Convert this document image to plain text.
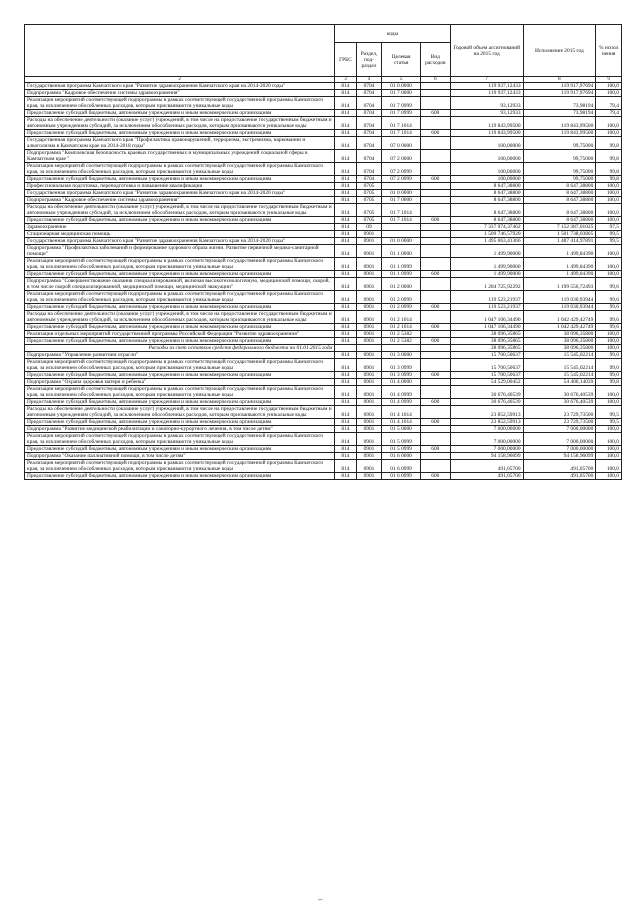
	коды				Годовой объем ассигнований на 2015 год	Исполнение 2015 год	% испол нения
	ГРБС	Раздел, под-раздел	Целевая статья	Вид расходов			
2	3	4	5	6	7	8	9
Государственная программа Камчатского края "Развитие здравоохранения Камчатского края на 2014-2020 годы"	814	0704	01 0 0000		119 937,12433	119 917,97694	100,0
Подпрограмма "Кадровое обеспечение системы здравоохранения"	814	0704	01 7 0000		119 937,12433	119 917,97694	100,0
Реализация мероприятий соответствующей подпрограммы в рамках соответствующей государственной программы Камчатского края, за исключением обособленных расходов, которым присваиваются уникальные коды	814	0704	01 7 0999		93,12933	73,98194	79,4
Предоставление субсидий бюджетным, автономным учреждениям и иным некоммерческим организациям	814	0704	01 7 0999	600	93,12933	73,98194	79,4
Расходы на обеспечение деятельности (оказание услуг) учреждений, в том числе на предоставление государственным бюджетным и автономным учреждениям субсидий, за исключением обособленных расходов, которым присваиваются уникальные коды	814	0704	01 7 1014		119 843,99500	119 843,99500	100,0
Предоставление субсидий бюджетным, автономным учреждениям и иным некоммерческим организациям	814	0704	01 7 1014	600	119 843,99500	119 843,99500	100,0
Государственная программа Камчатского края "Профилактика правонарушений, терроризма, экстремизма, наркомании и алкоголизма в Камчатском крае на 2014-2018 годы"	814	0704	07 0 0000		100,00000	99,75000	99,8
Подпрограмма "Комплексная безопасность краевых государственных и муниципальных учреждений социальной сферы в Камчатском крае "	814	0704	07 2 0000		100,00000	99,75000	99,8
Реализация мероприятий соответствующей подпрограммы в рамках соответствующей государственной программы Камчатского края, за исключением обособленных расходов, которым присваиваются уникальные коды	814	0704	07 2 0999		100,00000	99,75000	99,8
Предоставление субсидий бюджетным, автономным учреждениям и иным некоммерческим организациям	814	0704	07 2 0999	600	100,00000	99,75000	99,8
Профессиональная подготовка, переподготовка и повышение квалификации	814	0705			8 647,38800	8 647,38800	100,0
Государственная программа Камчатского края "Развитие здравоохранения Камчатского края на 2014-2020 годы"	814	0705	01 0 0000		8 647,38800	8 647,38800	100,0
Подпрограмма "Кадровое обеспечение системы здравоохранения"	814	0705	01 7 0000		8 647,38800	8 647,38800	100,0
Расходы на обеспечение деятельности (оказание услуг) учреждений, в том числе на предоставление государственным бюджетным и автономным учреждениям субсидий, за исключением обособленных расходов, которым присваиваются уникальные коды	814	0705	01 7 1014		8 647,38800	8 647,38800	100,0
Предоставление субсидий бюджетным, автономным учреждениям и иным некоммерческим организациям	814	0705	01 7 1014	600	8 647,38800	8 647,38800	100,0
Здравоохранение	814	09			7 337 974,37462	7 152 387,01025	97,5
Стационарная медицинская помощь	814	0901			1 509 746,57920	1 501 738,03805	99,5
Государственная программа Камчатского края "Развитие здравоохранения Камчатского края на 2014-2020 годы"	814	0901	01 0 0000		1 495 063,41366	1 487 414,97891	99,5
Подпрограмма "Профилактика заболеваний и формирование здорового образа жизни. Развитие первичной медико-санитарной помощи"	814	0901	01 1 0000		1 499,90000	1 499,84390	100,0
Реализация мероприятий соответствующей подпрограммы в рамках соответствующей государственной программы Камчатского края, за исключением обособленных расходов, которым присваиваются уникальные коды	814	0901	01 1 0999		1 499,90000	1 499,84390	100,0
Предоставление субсидий бюджетным, автономным учреждениям и иным некоммерческим организациям	814	0901	01 1 0999	600	1 499,90000	1 499,84390	100,0
Подпрограмма "Совершенствование оказания специализированной, включая высокотехнологичную, медицинской помощи, скорой, в том числе скорой специализированной, медицинской помощи, медицинской эвакуации"	814	0901	01 2 0000		1 204 725,92292	1 199 556,72493	99,6
Реализация мероприятий соответствующей подпрограммы в рамках соответствующей государственной программы Камчатского края, за исключением обособленных расходов, которым присваиваются уникальные коды	814	0901	01 2 0999		119 523,21937	119 030,93944	99,6
Предоставление субсидий бюджетным, автономным учреждениям и иным некоммерческим организациям	814	0901	01 2 0999	600	119 523,21937	119 030,93944	99,6
Расходы на обеспечение деятельности (оказание услуг) учреждений, в том числе на предоставление государственным бюджетным и автономным учреждениям субсидий, за исключением обособленных расходов, которым присваиваются уникальные коды	814	0901	01 2 1014		1 047 106,34490	1 042 429,42749	99,6
Предоставление субсидий бюджетным, автономным учреждениям и иным некоммерческим организациям	814	0901	01 2 1014	600	1 047 106,34490	1 042 429,42749	99,6
Реализация отдельных мероприятий государственной программы Российской Федерации "Развитие здравоохранения"	814	0901	01 2 5382		38 096,35865	38 096,35800	100,0
Предоставление субсидий бюджетным, автономным учреждениям и иным некоммерческим организациям	814	0901	01 2 5382	600	38 096,35865	38 096,35800	100,0
Расходы за счет остатков средств федерального бюджета на 01.01.2015 года					38 096,35865	38 096,35800	100,0
Подпрограмма "Управление развитием отрасли"	814	0901	01 3 0000		15 700,50637	15 545,02214	99,0
Реализация мероприятий соответствующей подпрограммы в рамках соответствующей государственной программы Камчатского края, за исключением обособленных расходов, которым присваиваются уникальные коды	814	0901	01 3 0999		15 700,50637	15 545,02214	99,0
Предоставление субсидий бюджетным, автономным учреждениям и иным некоммерческим организациям	814	0901	01 3 0999	600	15 700,50637	15 545,02214	99,0
Подпрограмма "Охрана здоровья матери и ребенка"	814	0901	01 4 0000		54 529,00452	54 406,14039	99,8
Реализация мероприятий соответствующей подпрограммы в рамках соответствующей государственной программы Камчатского края, за исключением обособленных расходов, которым присваиваются уникальные коды	814	0901	01 4 0999		30 676,40539	30 676,40539	100,0
Предоставление субсидий бюджетным, автономным учреждениям и иным некоммерческим организациям	814	0901	01 4 0999	600	30 676,40539	30 676,40539	100,0
Расходы на обеспечение деятельности (оказание услуг) учреждений, в том числе на предоставление государственным бюджетным и автономным учреждениям субсидий, за исключением обособленных расходов, которым присваиваются уникальные коды	814	0901	01 4 1014		23 852,59913	23 729,73500	99,5
Предоставление субсидий бюджетным, автономным учреждениям и иным некоммерческим организациям	814	0901	01 4 1014	600	23 852,59913	23 729,73500	99,5
Подпрограмма "Развитие медицинской реабилитации и санаторно-курортного лечения, в том числе детям"	814	0901	01 5 0000		7 000,00000	7 000,00000	100,0
Реализация мероприятий соответствующей подпрограммы в рамках соответствующей государственной программы Камчатского края, за исключением обособленных расходов, которым присваиваются уникальные коды	814	0901	01 5 0999		7 000,00000	7 000,00000	100,0
Предоставление субсидий бюджетным, автономным учреждениям и иным некоммерческим организациям	814	0901	01 5 0999	600	7 000,00000	7 000,00000	100,0
Подпрограмма "Оказание паллиативной помощи, в том числе детям"	814	0901	01 6 0000		94 158,96099	94 158,96099	100,0
Реализация мероприятий соответствующей подпрограммы в рамках соответствующей государственной программы Камчатского края, за исключением обособленных расходов, которым присваиваются уникальные коды	814	0901	01 6 0999		491,05700	491,05700	100,0
Предоставление субсидий бюджетным, автономным учреждениям и иным некоммерческим организациям	814	0901	01 6 0999	600	491,05700	491,05700	100,0
–
